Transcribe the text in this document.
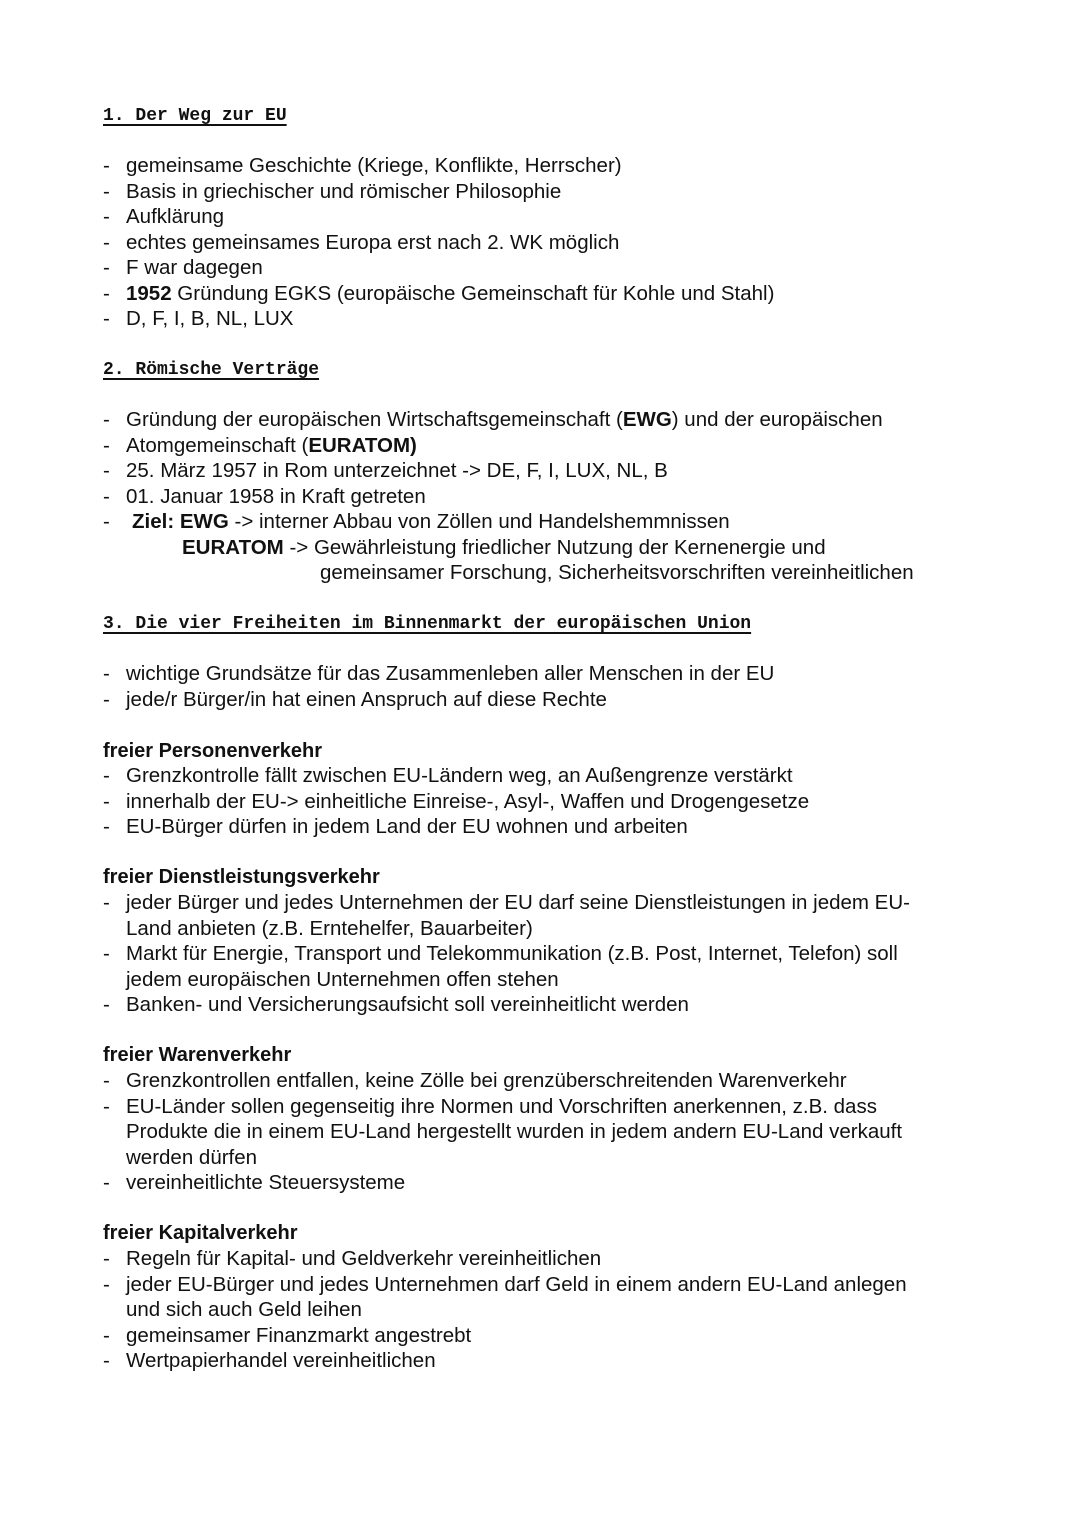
1. Der Weg zur EU
- gemeinsame Geschichte (Kriege, Konflikte, Herrscher)
- Basis in griechischer und römischer Philosophie
- Aufklärung
- echtes gemeinsames Europa erst nach 2. WK möglich
- F war dagegen
- 1952 Gründung EGKS (europäische Gemeinschaft für Kohle und Stahl)
- D, F, I, B, NL, LUX
2. Römische Verträge
- Gründung der europäischen Wirtschaftsgemeinschaft (EWG) und der europäischen
- Atomgemeinschaft (EURATOM)
- 25. März 1957 in Rom unterzeichnet -> DE, F, I, LUX, NL, B
- 01. Januar 1958 in Kraft getreten
- Ziel: EWG -> interner Abbau von Zöllen und Handelshemmnissen
EURATOM -> Gewährleistung friedlicher Nutzung der Kernenergie und
gemeinsamer Forschung, Sicherheitsvorschriften vereinheitlichen
3. Die vier Freiheiten im Binnenmarkt der europäischen Union
- wichtige Grundsätze für das Zusammenleben aller Menschen in der EU
- jede/r Bürger/in hat einen Anspruch auf diese Rechte
freier Personenverkehr
- Grenzkontrolle fällt zwischen EU-Ländern weg, an Außengrenze verstärkt
- innerhalb der EU-> einheitliche Einreise-, Asyl-, Waffen und Drogengesetze
- EU-Bürger dürfen in jedem Land der EU wohnen und arbeiten
freier Dienstleistungsverkehr
- jeder Bürger und jedes Unternehmen der EU darf seine Dienstleistungen in jedem EU-
Land anbieten (z.B. Erntehelfer, Bauarbeiter)
- Markt für Energie, Transport und Telekommunikation (z.B. Post, Internet, Telefon) soll
jedem europäischen Unternehmen offen stehen
- Banken- und Versicherungsaufsicht soll vereinheitlicht werden
freier Warenverkehr
- Grenzkontrollen entfallen, keine Zölle bei grenzüberschreitenden Warenverkehr
- EU-Länder sollen gegenseitig ihre Normen und Vorschriften anerkennen, z.B. dass
Produkte die in einem EU-Land hergestellt wurden in jedem andern EU-Land verkauft
werden dürfen
- vereinheitlichte Steuersysteme
freier Kapitalverkehr
- Regeln für Kapital- und Geldverkehr vereinheitlichen
- jeder EU-Bürger und jedes Unternehmen darf Geld in einem andern EU-Land anlegen
und sich auch Geld leihen
- gemeinsamer Finanzmarkt angestrebt
- Wertpapierhandel vereinheitlichen
